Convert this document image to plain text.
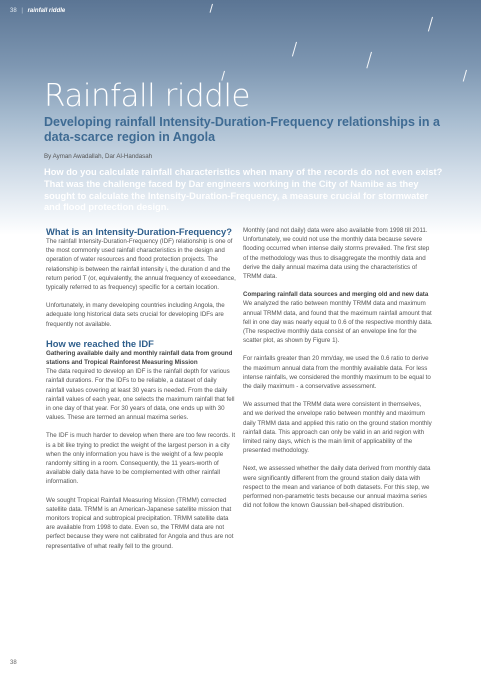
38 | rainfall riddle
Rainfall riddle
Developing rainfall Intensity-Duration-Frequency relationships in a data-scarce region in Angola
By Ayman Awadallah, Dar Al-Handasah
How do you calculate rainfall characteristics when many of the records do not even exist? That was the challenge faced by Dar engineers working in the City of Namibe as they sought to calculate the Intensity-Duration-Frequency, a measure crucial for stormwater and flood protection design.
What is an Intensity-Duration-Frequency?

The rainfall Intensity-Duration-Frequency (IDF) relationship is one of the most commonly used rainfall characteristics in the design and operation of water resources and flood protection projects. The relationship is between the rainfall intensity i, the duration d and the return period T (or, equivalently, the annual frequency of exceedance, typically referred to as frequency) specific for a certain location.

Unfortunately, in many developing countries including Angola, the adequate long historical data sets crucial for developing IDFs are frequently not available.

How we reached the IDF
Gathering available daily and monthly rainfall data from ground stations and Tropical Rainforest Measuring Mission

The data required to develop an IDF is the rainfall depth for various rainfall durations. For the IDFs to be reliable, a dataset of daily rainfall values covering at least 30 years is needed. From the daily rainfall values of each year, one selects the maximum rainfall that fell in one day of that year. For 30 years of data, one ends up with 30 values. These are termed an annual maxima series.

The IDF is much harder to develop when there are too few records. It is a bit like trying to predict the weight of the largest person in a city when the only information you have is the weight of a few people randomly sitting in a room. Consequently, the 11 years-worth of available daily data have to be complemented with other rainfall information.

We sought Tropical Rainfall Measuring Mission (TRMM) corrected satellite data. TRMM is an American-Japanese satellite mission that monitors tropical and subtropical precipitation. TRMM satellite data are available from 1998 to date. Even so, the TRMM data are not perfect because they were not calibrated for Angola and thus are not representative of what really fell to the ground.

Monthly (and not daily) data were also available from 1998 till 2011. Unfortunately, we could not use the monthly data because severe flooding occurred when intense daily storms prevailed. The first step of the methodology was thus to disaggregate the monthly data and derive the daily annual maxima data using the characteristics of TRMM data.

Comparing rainfall data sources and merging old and new data

We analyzed the ratio between monthly TRMM data and maximum annual TRMM data, and found that the maximum rainfall amount that fell in one day was nearly equal to 0.6 of the respective monthly data. (The respective monthly data consist of an envelope line for the scatter plot, as shown by Figure 1).

For rainfalls greater than 20 mm/day, we used the 0.6 ratio to derive the maximum annual data from the monthly available data. For less intense rainfalls, we considered the monthly maximum to be equal to the daily maximum - a conservative assessment.

We assumed that the TRMM data were consistent in themselves, and we derived the envelope ratio between monthly and maximum daily TRMM data and applied this ratio on the ground station monthly rainfall data. This approach can only be valid in an arid region with limited rainy days, which is the main limit of applicability of the presented methodology.

Next, we assessed whether the daily data derived from monthly data were significantly different from the ground station daily data with respect to the mean and variance of both datasets. For this step, we performed non-parametric tests because our annual maxima series did not follow the known Gaussian bell-shaped distribution.

38
